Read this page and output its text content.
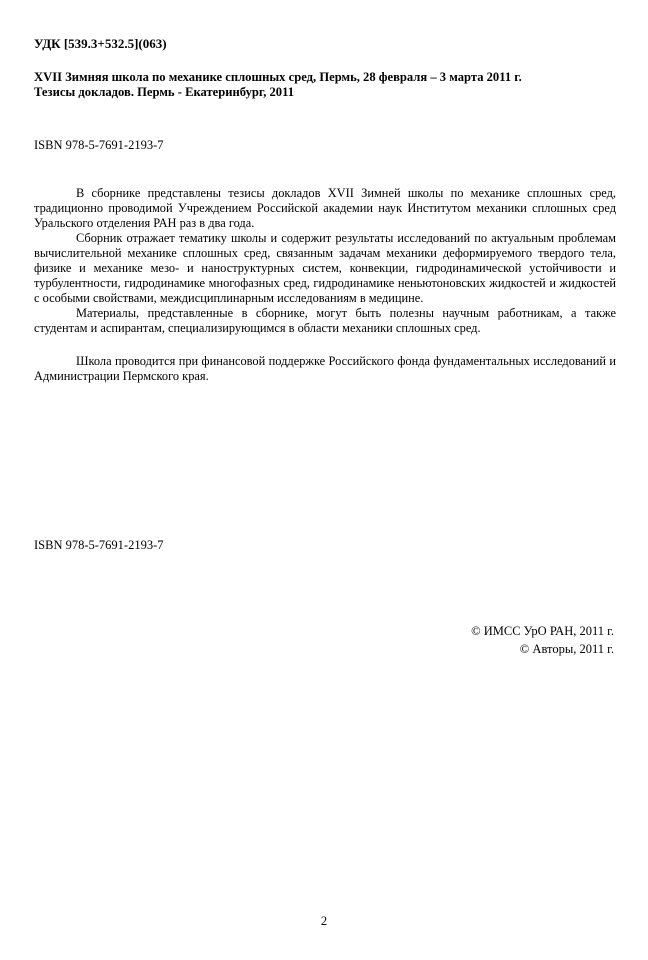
УДК [539.3+532.5](063)
XVII Зимняя школа по механике сплошных сред, Пермь, 28 февраля – 3 марта 2011 г.
Тезисы докладов. Пермь - Екатеринбург, 2011
ISBN 978-5-7691-2193-7

В сборнике представлены тезисы докладов XVII Зимней школы по механике сплошных сред, традиционно проводимой Учреждением Российской академии наук Институтом механики сплошных сред Уральского отделения РАН раз в два года.

Сборник отражает тематику школы и содержит результаты исследований по актуальным проблемам вычислительной механике сплошных сред, связанным задачам механики деформируемого твердого тела, физике и механике мезо- и наноструктурных систем, конвекции, гидродинамической устойчивости и турбулентности, гидродинамике многофазных сред, гидродинамике неньютоновских жидкостей и жидкостей с особыми свойствами, междисциплинарным исследованиям в медицине.

Материалы, представленные в сборнике, могут быть полезны научным работникам, а также студентам и аспирантам, специализирующимся в области механики сплошных сред.

Школа проводится при финансовой поддержке Российского фонда фундаментальных исследований и Администрации Пермского края.

ISBN 978-5-7691-2193-7
© ИМСС УрО РАН, 2011 г.
© Авторы, 2011 г.
2
